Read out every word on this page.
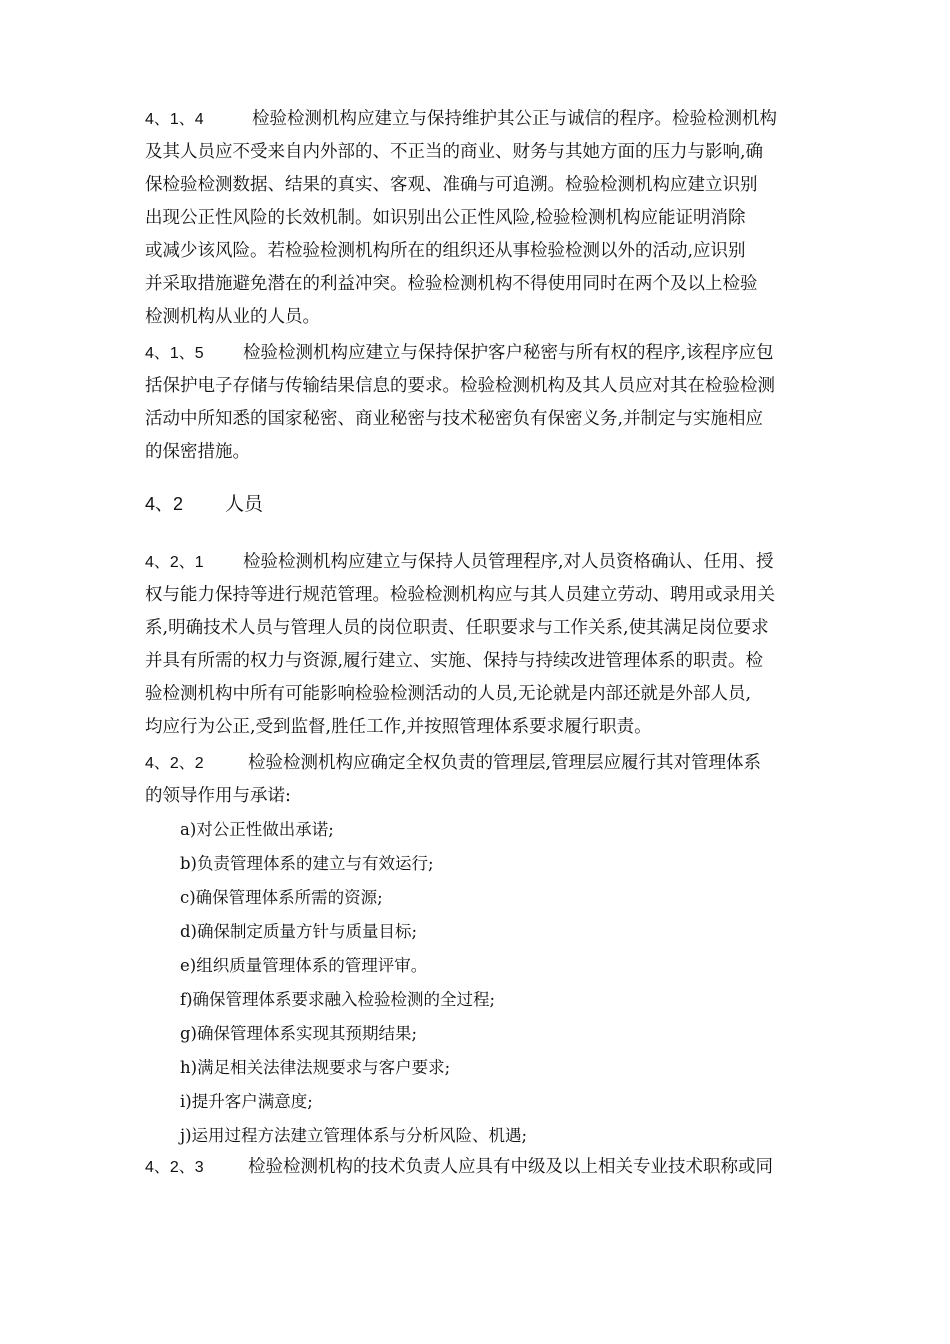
4、1、4	检验检测机构应建立与保持维护其公正与诚信的程序。检验检测机构
及其人员应不受来自内外部的、不正当的商业、财务与其她方面的压力与影响,确
保检验检测数据、结果的真实、客观、准确与可追溯。检验检测机构应建立识别
出现公正性风险的长效机制。如识别出公正性风险,检验检测机构应能证明消除
或减少该风险。若检验检测机构所在的组织还从事检验检测以外的活动,应识别
并采取措施避免潜在的利益冲突。检验检测机构不得使用同时在两个及以上检验
检测机构从业的人员。
4、1、5 检验检测机构应建立与保持保护客户秘密与所有权的程序,该程序应包
括保护电子存储与传输结果信息的要求。检验检测机构及其人员应对其在检验检测
活动中所知悉的国家秘密、商业秘密与技术秘密负有保密义务,并制定与实施相应
的保密措施。
4、2 人员
4、2、1 检验检测机构应建立与保持人员管理程序,对人员资格确认、任用、授
权与能力保持等进行规范管理。检验检测机构应与其人员建立劳动、聘用或录用关
系,明确技术人员与管理人员的岗位职责、任职要求与工作关系,使其满足岗位要求
并具有所需的权力与资源,履行建立、实施、保持与持续改进管理体系的职责。检
验检测机构中所有可能影响检验检测活动的人员,无论就是内部还就是外部人员,
均应行为公正,受到监督,胜任工作,并按照管理体系要求履行职责。
4、2、2	检验检测机构应确定全权负责的管理层,管理层应履行其对管理体系
的领导作用与承诺:
a)对公正性做出承诺;
b)负责管理体系的建立与有效运行;
c)确保管理体系所需的资源;
d)确保制定质量方针与质量目标;
e)组织质量管理体系的管理评审。
f)确保管理体系要求融入检验检测的全过程;
g)确保管理体系实现其预期结果;
h)满足相关法律法规要求与客户要求;
i)提升客户满意度;
j)运用过程方法建立管理体系与分析风险、机遇;
4、2、3	检验检测机构的技术负责人应具有中级及以上相关专业技术职称或同
